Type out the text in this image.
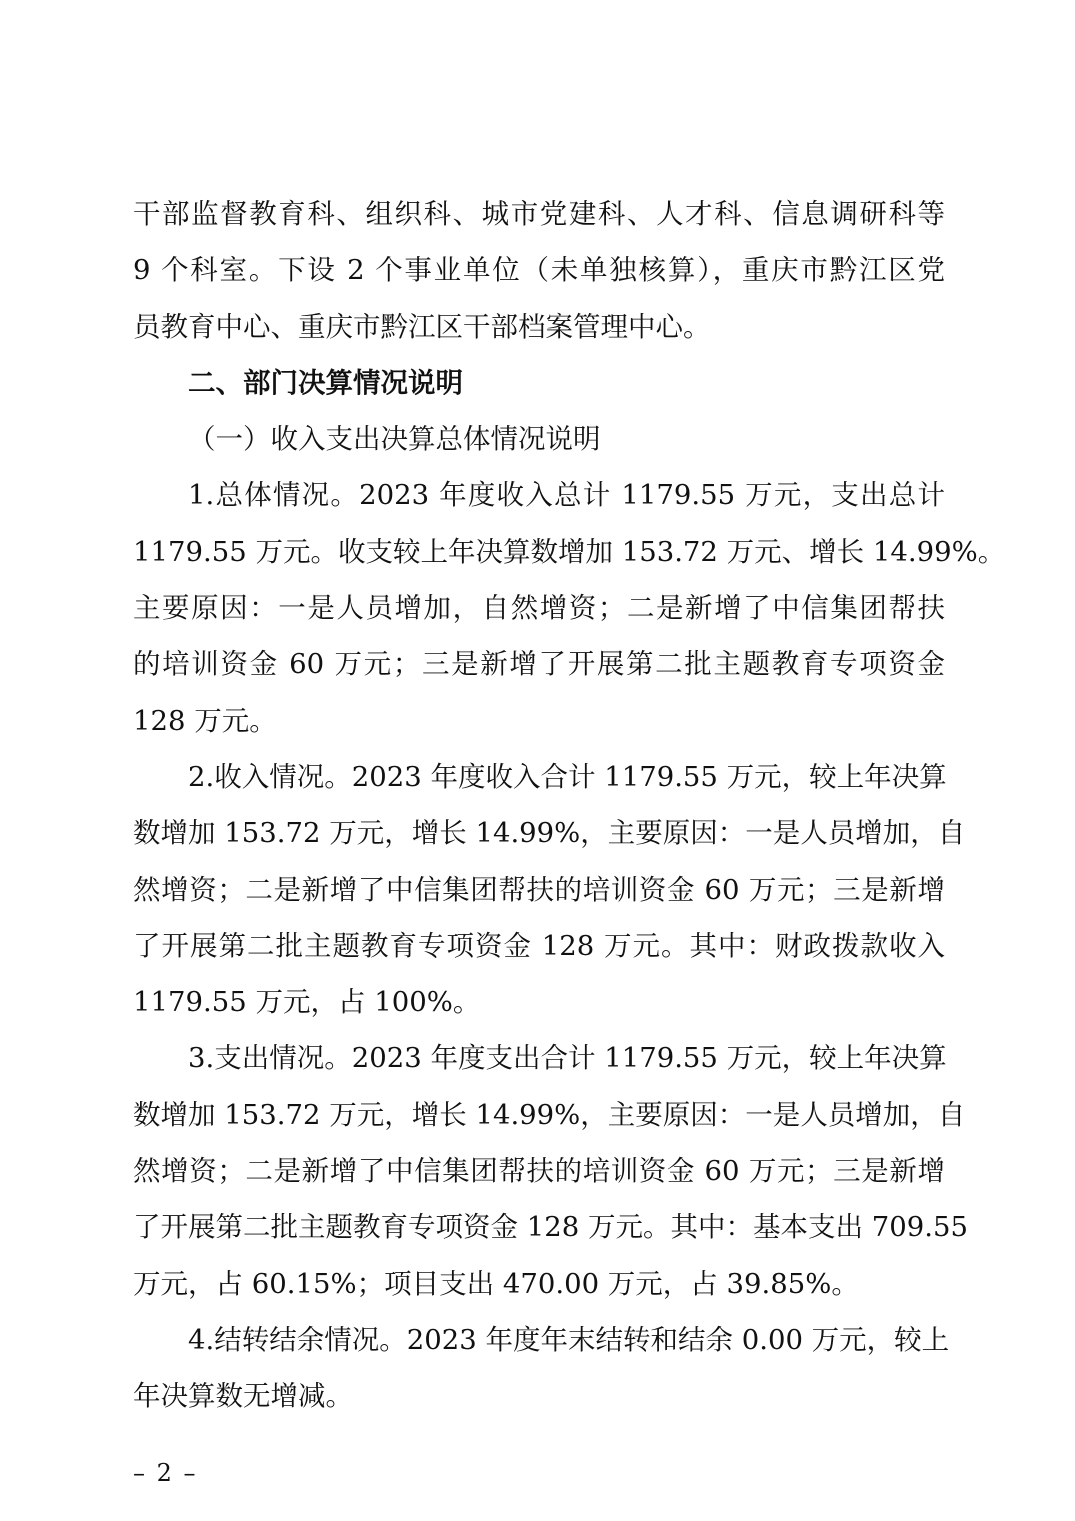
干部监督教育科、组织科、城市党建科、人才科、信息调研科等
9 个科室。下设 2 个事业单位（未单独核算），重庆市黔江区党
员教育中心、重庆市黔江区干部档案管理中心。
二、部门决算情况说明
（一）收入支出决算总体情况说明
1.总体情况。2023 年度收入总计 1179.55 万元，支出总计
1179.55 万元。收支较上年决算数增加 153.72 万元、增长 14.99%。
主要原因：一是人员增加，自然增资；二是新增了中信集团帮扶
的培训资金 60 万元；三是新增了开展第二批主题教育专项资金
128 万元。
2.收入情况。2023 年度收入合计 1179.55 万元，较上年决算
数增加 153.72 万元，增长 14.99%，主要原因：一是人员增加，自
然增资；二是新增了中信集团帮扶的培训资金 60 万元；三是新增
了开展第二批主题教育专项资金 128 万元。其中：财政拨款收入
1179.55 万元，占 100%。
3.支出情况。2023 年度支出合计 1179.55 万元，较上年决算
数增加 153.72 万元，增长 14.99%，主要原因：一是人员增加，自
然增资；二是新增了中信集团帮扶的培训资金 60 万元；三是新增
了开展第二批主题教育专项资金 128 万元。其中：基本支出 709.55
万元，占 60.15%；项目支出 470.00 万元，占 39.85%。
4.结转结余情况。2023 年度年末结转和结余 0.00 万元，较上
年决算数无增减。
– 2 –
